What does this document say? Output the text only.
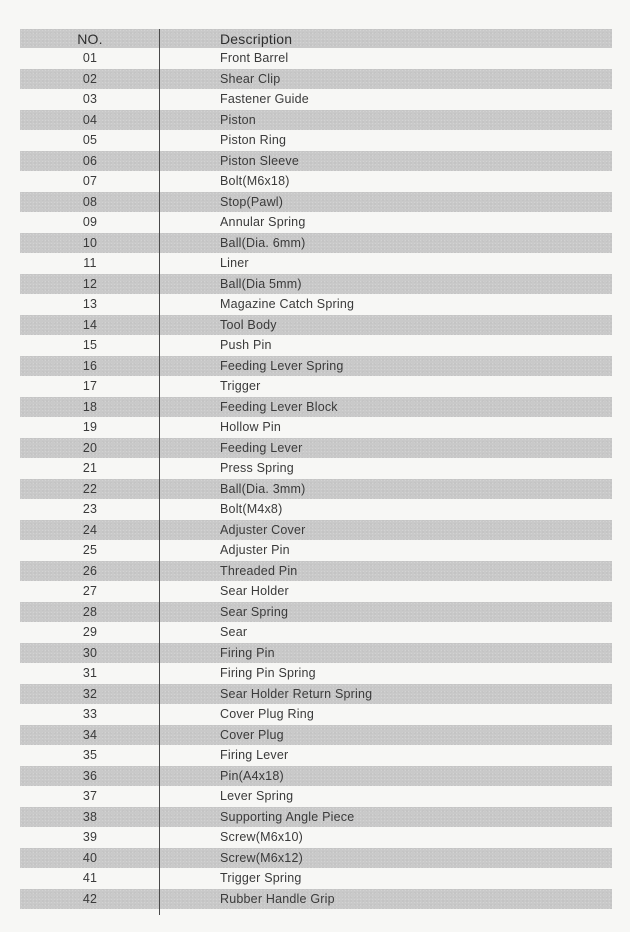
NO.	Description
01	Front Barrel
02	Shear Clip
03	Fastener Guide
04	Piston
05	Piston Ring
06	Piston Sleeve
07	Bolt(M6x18)
08	Stop(Pawl)
09	Annular Spring
10	Ball(Dia. 6mm)
11	Liner
12	Ball(Dia 5mm)
13	Magazine Catch Spring
14	Tool Body
15	Push Pin
16	Feeding Lever Spring
17	Trigger
18	Feeding Lever Block
19	Hollow Pin
20	Feeding Lever
21	Press Spring
22	Ball(Dia. 3mm)
23	Bolt(M4x8)
24	Adjuster Cover
25	Adjuster Pin
26	Threaded Pin
27	Sear Holder
28	Sear Spring
29	Sear
30	Firing Pin
31	Firing Pin Spring
32	Sear Holder Return Spring
33	Cover Plug Ring
34	Cover Plug
35	Firing Lever
36	Pin(A4x18)
37	Lever Spring
38	Supporting Angle Piece
39	Screw(M6x10)
40	Screw(M6x12)
41	Trigger Spring
42	Rubber Handle Grip
